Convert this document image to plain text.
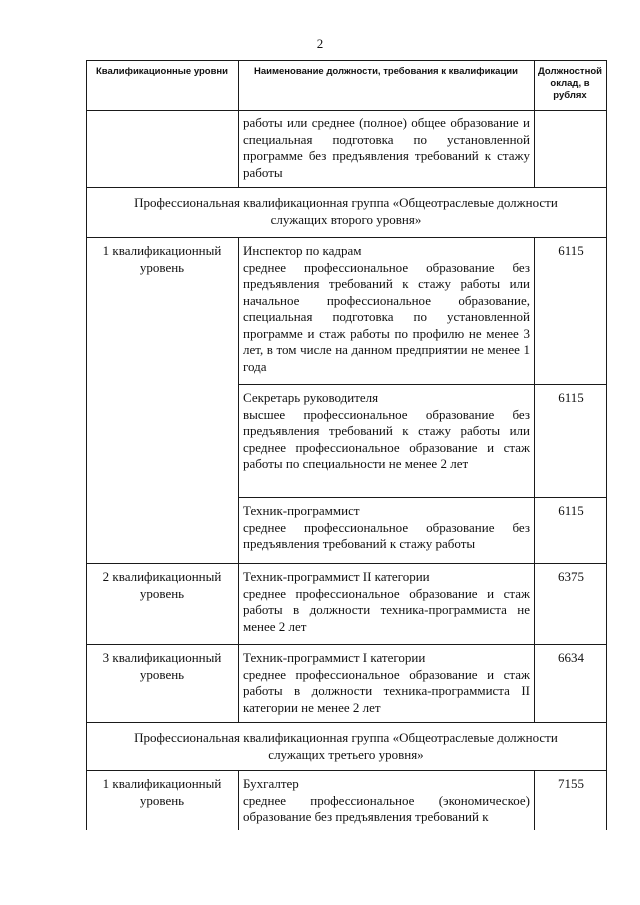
2
Квалификационные уровни	Наименование должности, требования к квалификации	Должностной оклад, в рублях
работы или среднее (полное) общее образование и специальная подготовка по установленной программе без предъявления требований к стажу работы
Профессиональная квалификационная группа «Общеотраслевые должности служащих второго уровня»
1 квалификационный уровень
Инспектор по кадрам
среднее профессиональное образование без предъявления требований к стажу работы или начальное профессиональное образование, специальная подготовка по установленной программе и стаж работы по профилю не менее 3 лет, в том числе на данном предприятии не менее 1 года
6115
Секретарь руководителя
высшее профессиональное образование без предъявления требований к стажу работы или среднее профессиональное образование и стаж работы по специальности не менее 2 лет
6115
Техник-программист
среднее профессиональное образование без предъявления требований к стажу работы
6115
2 квалификационный уровень
Техник-программист II категории
среднее профессиональное образование и стаж работы в должности техника-программиста не менее 2 лет
6375
3 квалификационный уровень
Техник-программист I категории
среднее профессиональное образование и стаж работы в должности техника-программиста II категории не менее 2 лет
6634
Профессиональная квалификационная группа «Общеотраслевые должности служащих третьего уровня»
1 квалификационный уровень
Бухгалтер
среднее профессиональное (экономическое) образование без предъявления требований к
7155
